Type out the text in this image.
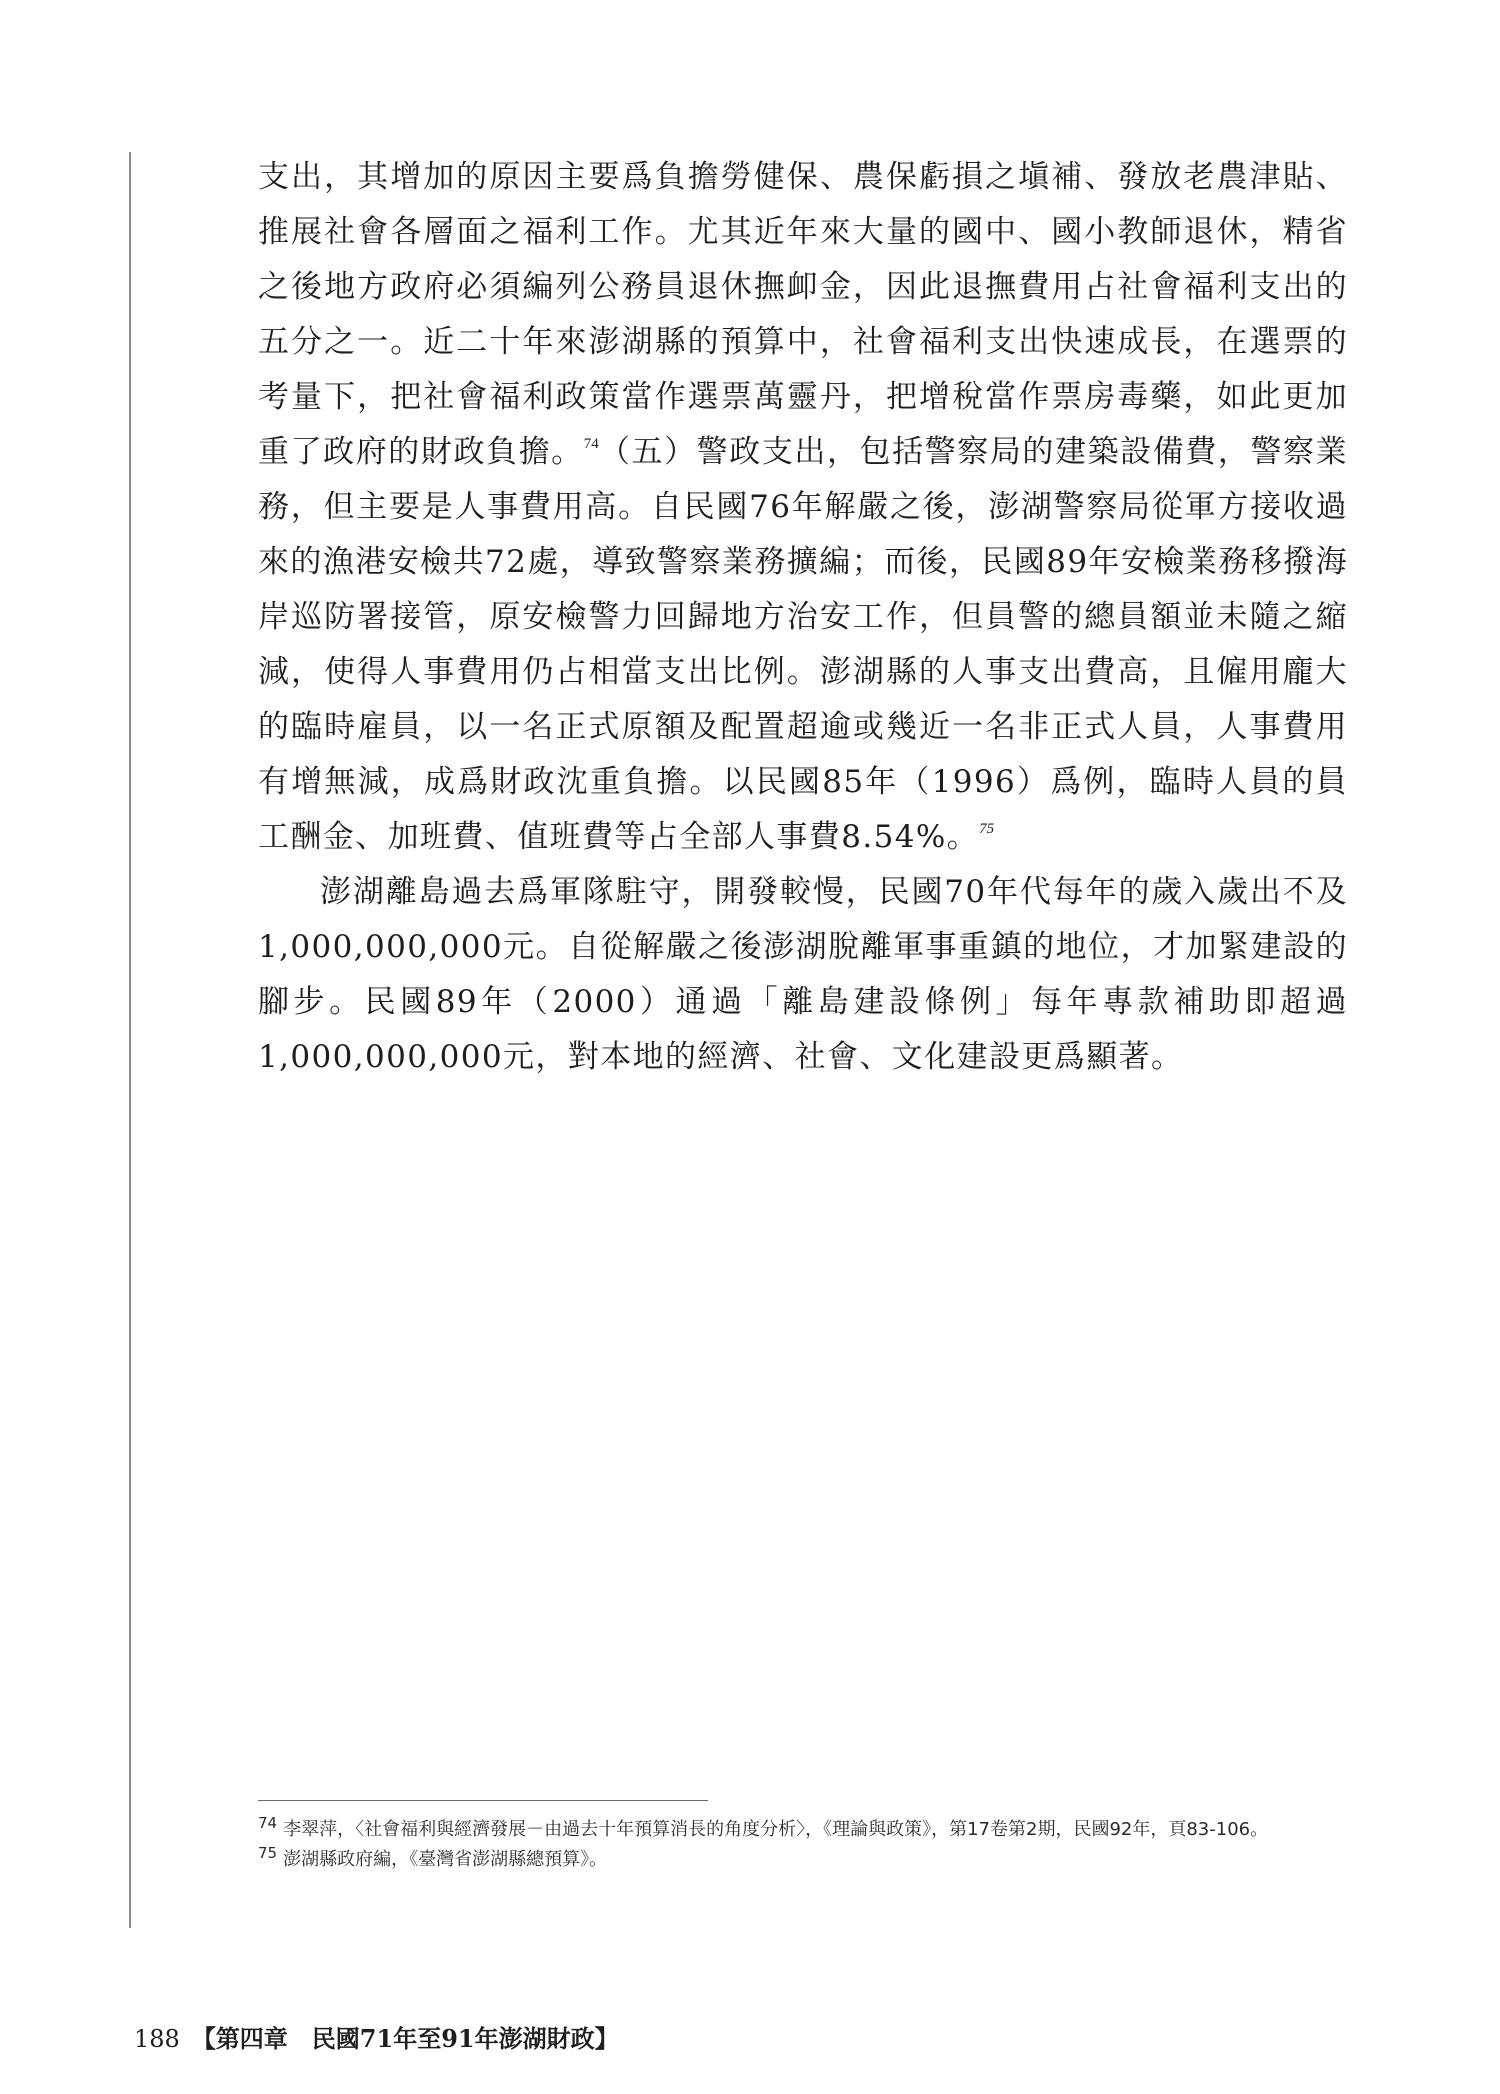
支出，其增加的原因主要爲負擔勞健保、農保虧損之塡補、發放老農津貼、推展社會各層面之福利工作。尤其近年來大量的國中、國小教師退休，精省之後地方政府必須編列公務員退休撫卹金，因此退撫費用占社會福利支出的五分之一。近二十年來澎湖縣的預算中，社會福利支出快速成長，在選票的考量下，把社會福利政策當作選票萬靈丹，把增稅當作票房毒藥，如此更加重了政府的財政負擔。$^{74}$（五）警政支出，包括警察局的建築設備費，警察業務，但主要是人事費用高。自民國76年解嚴之後，澎湖警察局從軍方接收過來的漁港安檢共72處，導致警察業務擴編；而後，民國89年安檢業務移撥海岸巡防署接管，原安檢警力回歸地方治安工作，但員警的總員額並未隨之縮減，使得人事費用仍占相當支出比例。澎湖縣的人事支出費高，且僱用龐大的臨時雇員，以一名正式原額及配置超逾或幾近一名非正式人員，人事費用有增無減，成爲財政沈重負擔。以民國85年（1996）爲例，臨時人員的員工酬金、加班費、值班費等占全部人事費8.54%。$^{75}$

澎湖離島過去爲軍隊駐守，開發較慢，民國70年代每年的歲入歲出不及1,000,000,000元。自從解嚴之後澎湖脫離軍事重鎮的地位，才加緊建設的腳步。民國89年（2000）通過「離島建設條例」每年專款補助即超過1,000,000,000元，對本地的經濟、社會、文化建設更爲顯著。

$^{74}$ 李翠萍，〈社會福利與經濟發展－由過去十年預算消長的角度分析〉，《理論與政策》，第17卷第2期，民國92年，頁83-106。

$^{75}$ 澎湖縣政府編，《臺灣省澎湖縣總預算》。

188 【第四章　民國71年至91年澎湖財政】
